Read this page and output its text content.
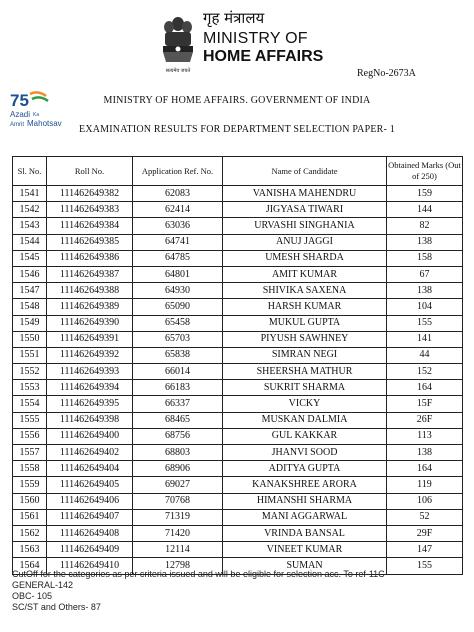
सत्यमेव जयते
गृह मंत्रालय
MINISTRY OF
HOME AFFAIRS
RegNo-2673A
75
Azadi Ka
Amrit Mahotsav
MINISTRY OF HOME AFFAIRS. GOVERNMENT OF INDIA
EXAMINATION RESULTS FOR DEPARTMENT SELECTION PAPER- 1
Sl. No.	Roll No.	Application Ref. No.	Name of Candidate	Obtained Marks (Out of 250)
1541	111462649382	62083	VANISHA MAHENDRU	159
1542	111462649383	62414	JIGYASA TIWARI	144
1543	111462649384	63036	URVASHI SINGHANIA	82
1544	111462649385	64741	ANUJ JAGGI	138
1545	111462649386	64785	UMESH SHARDA	158
1546	111462649387	64801	AMIT KUMAR	67
1547	111462649388	64930	SHIVIKA SAXENA	138
1548	111462649389	65090	HARSH KUMAR	104
1549	111462649390	65458	MUKUL GUPTA	155
1550	111462649391	65703	PIYUSH SAWHNEY	141
1551	111462649392	65838	SIMRAN NEGI	44
1552	111462649393	66014	SHEERSHA MATHUR	152
1553	111462649394	66183	SUKRIT SHARMA	164
1554	111462649395	66337	VICKY	15F
1555	111462649398	68465	MUSKAN DALMIA	26F
1556	111462649400	68756	GUL KAKKAR	113
1557	111462649402	68803	JHANVI SOOD	138
1558	111462649404	68906	ADITYA GUPTA	164
1559	111462649405	69027	KANAKSHREE ARORA	119
1560	111462649406	70768	HIMANSHI SHARMA	106
1561	111462649407	71319	MANI AGGARWAL	52
1562	111462649408	71420	VRINDA BANSAL	29F
1563	111462649409	12114	VINEET KUMAR	147
1564	111462649410	12798	SUMAN	155
CutOff for the categories as per criteria issued and will be eligible for selection acc. To ref-11C
GENERAL-142
OBC- 105
SC/ST and Others- 87
